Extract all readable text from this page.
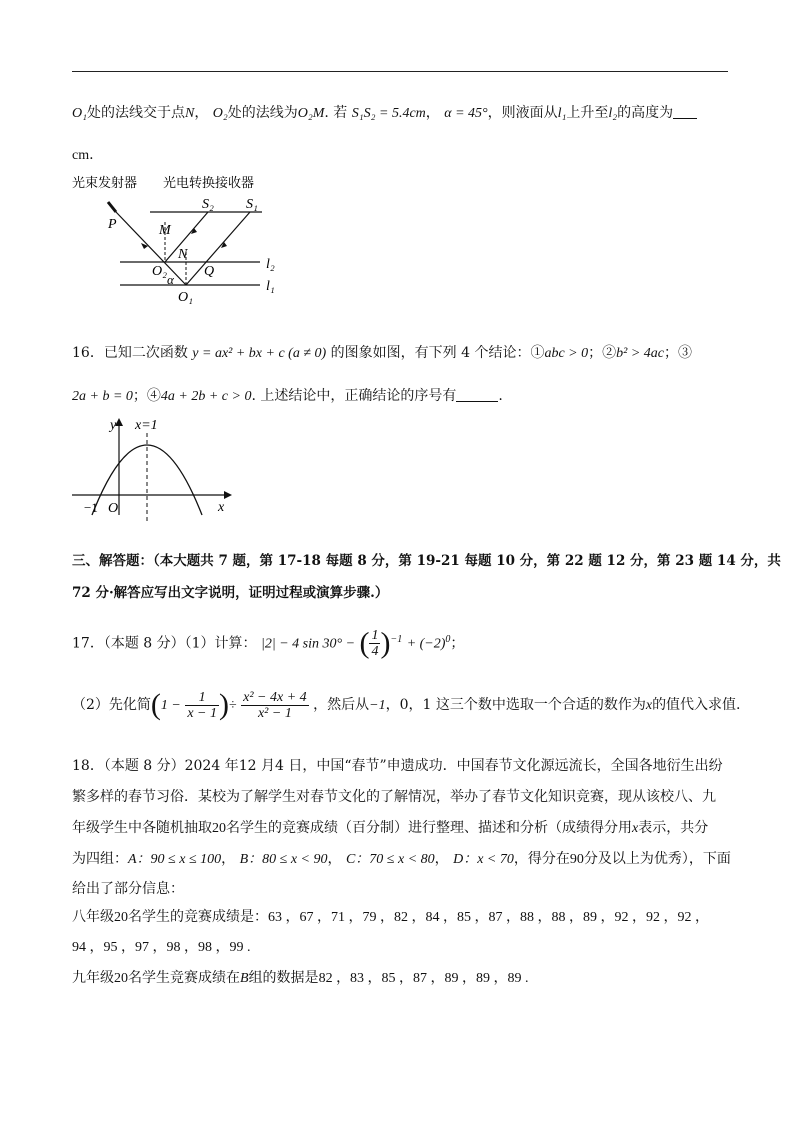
O₁处的法线交于点N， O₂处的法线为O₂M. 若 S₁S₂ = 5.4cm， α = 45°，则液面从l₁上升至l₂的高度为
cm.
光束发射器 光电转换接收器
P	M
S₂ S₁
N
l₂
O₂
α
Q
l₁
O₁
16．已知二次函数 y = ax² + bx + c (a ≠ 0) 的图象如图，有下列 4 个结论：①abc > 0；②b² > 4ac；③
2a + b = 0；④4a + 2b + c > 0. 上述结论中，正确结论的序号有	.
y x=1
−1 O	x
三、解答题：（本大题共 7 题，第 17-18 每题 8 分，第 19-21 每题 10 分，第 22 题 12 分，第 23 题 14 分，共
72 分·解答应写出文字说明，证明过程或演算步骤.）
17．（本题 8 分）（1）计算： |2| − 4 sin 30° − ( $\frac{1}{4} )^{-1} + (-2)^0$；
（2）先化简($1 - \frac{1}{x - 1}$ )÷ $\frac{\text{x² − 4x + 4}}{\text{x² − 1}}$ ，然后从−1，0，1 这三个数中选取一个合适的数作为x的值代入求值.
18．（本题 8 分）2024 年12 月4 日，中国“春节”申遗成功．中国春节文化源远流长，全国各地衍生出纷
繁多样的春节习俗．某校为了解学生对春节文化的了解情况，举办了春节文化知识竞赛，现从该校八、九
年级学生中各随机抽取20名学生的竞赛成绩（百分制）进行整理、描述和分析（成绩得分用x表示，共分
为四组：A：90 ≤ x ≤ 100， B：80 ≤ x < 90， C：70 ≤ x < 80， D：x < 70，得分在90分及以上为优秀），下面
给出了部分信息：
八年级20名学生的竞赛成绩是：63 ，67 ，71 ，79 ，82 ，84 ，85 ，87 ，88 ，88 ，89 ，92 ，92 ，92 ，
94 ，95 ，97 ，98 ，98 ，99 .
九年级20名学生竞赛成绩在B组的数据是82 ，83 ，85 ，87 ，89 ，89 ，89 .
